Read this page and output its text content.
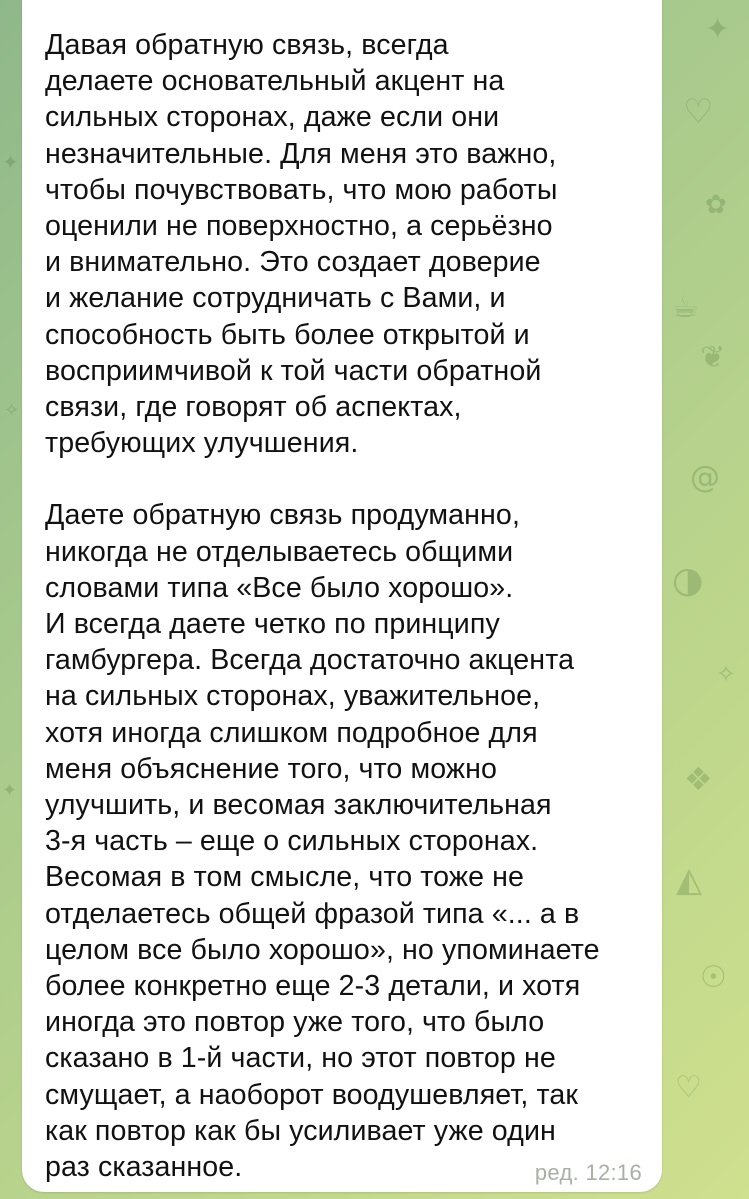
✦
♡
✿
☕
❦
@
◑
✧
❖
◭
☉
♡
✦
✧
✦

Давая обратную связь, всегда
делаете основательный акцент на
сильных сторонах, даже если они
незначительные. Для меня это важно,
чтобы почувствовать, что мою работы
оценили не поверхностно, а серьёзно
и внимательно. Это создает доверие
и желание сотрудничать с Вами, и
способность быть более открытой и
восприимчивой к той части обратной
связи, где говорят об аспектах,
требующих улучшения.

Даете обратную связь продуманно,
никогда не отделываетесь общими
словами типа «Все было хорошо».
И всегда даете четко по принципу
гамбургера. Всегда достаточно акцента
на сильных сторонах, уважительное,
хотя иногда слишком подробное для
меня объяснение того, что можно
улучшить, и весомая заключительная
3-я часть – еще о сильных сторонах.
Весомая в том смысле, что тоже не
отделаетесь общей фразой типа «... а в
целом все было хорошо», но упоминаете
более конкретно еще 2-3 детали, и хотя
иногда это повтор уже того, что было
сказано в 1-й части, но этот повтор не
смущает, а наоборот воодушевляет, так
как повтор как бы усиливает уже один
раз сказанное.	ред. 12:16
